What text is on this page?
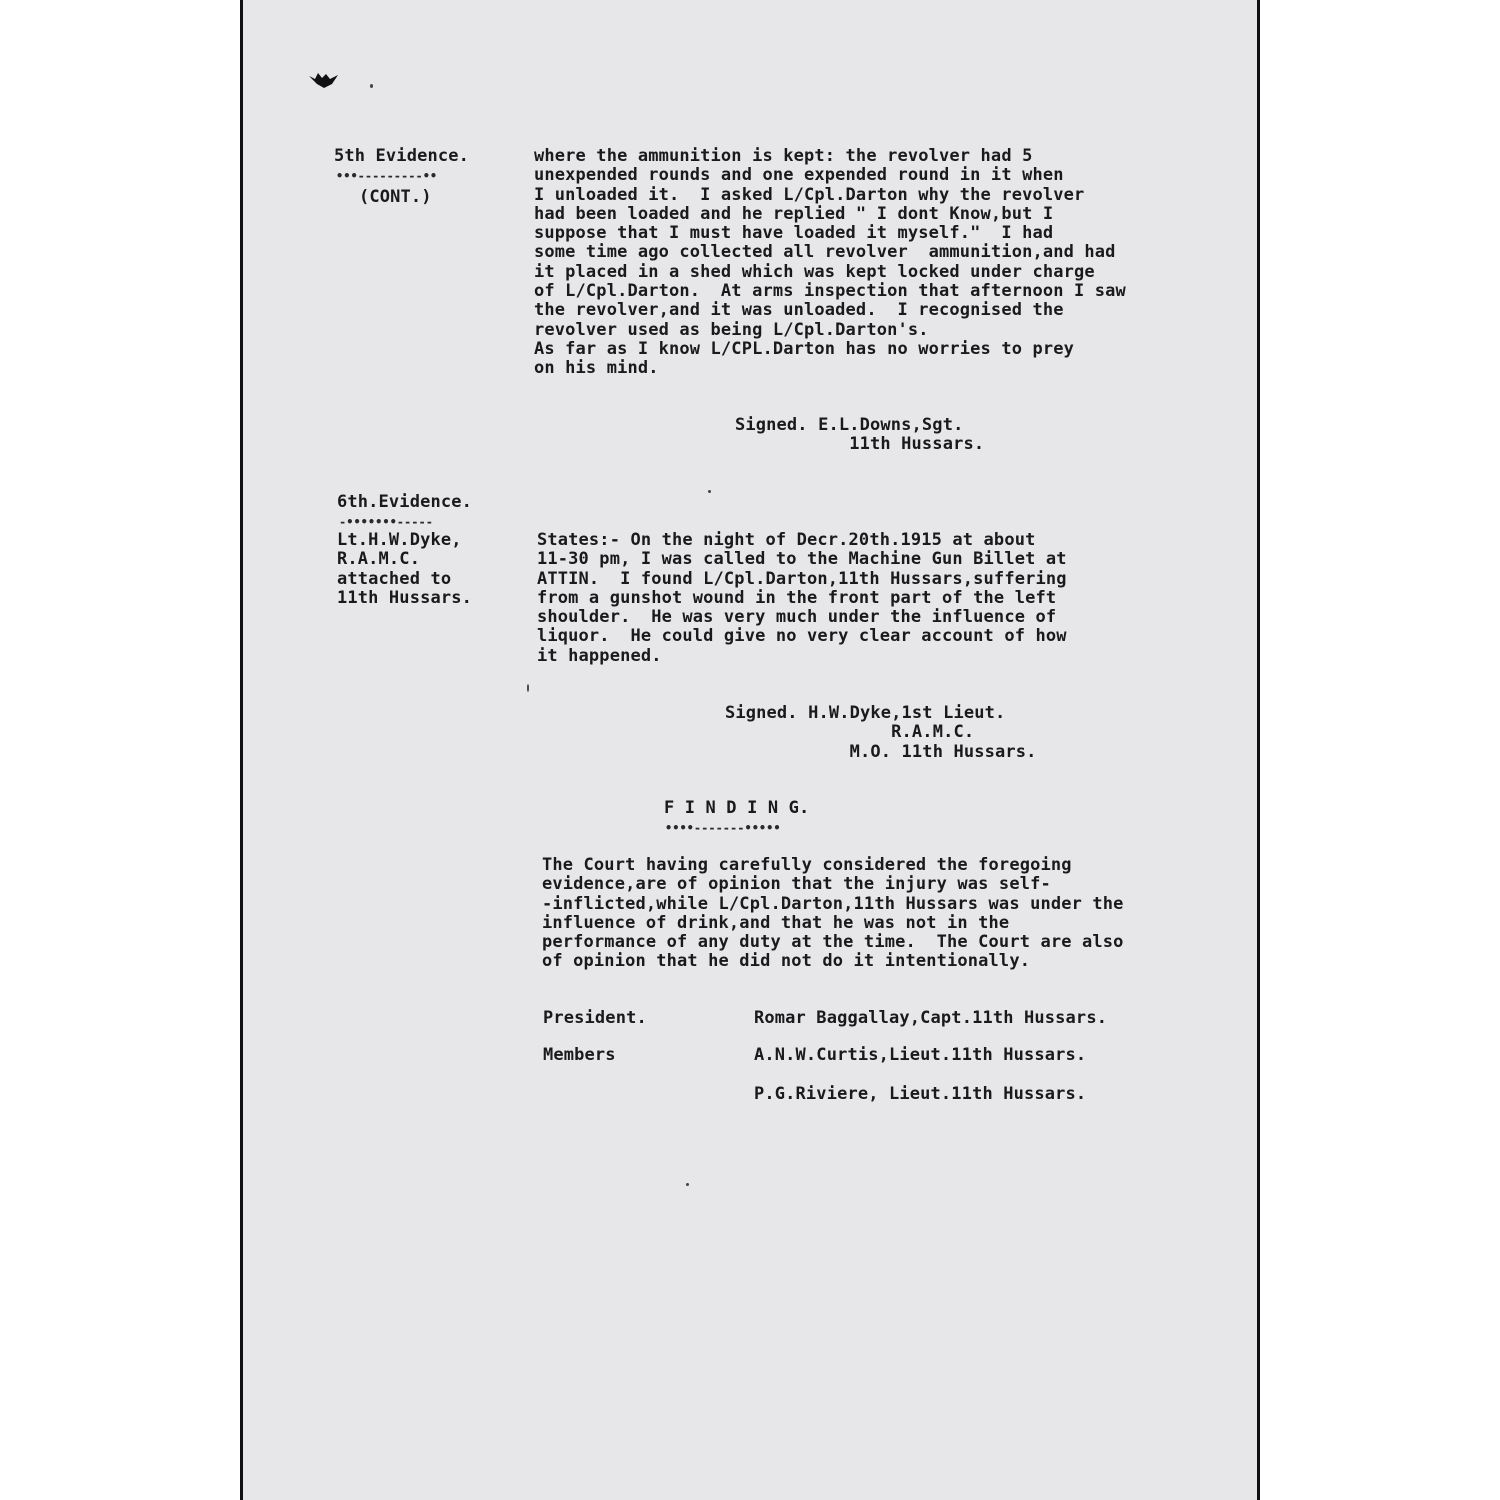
5th Evidence.

•••---------••

(CONT.)

where the ammunition is kept: the revolver had 5
unexpended rounds and one expended round in it when
I unloaded it.  I asked L/Cpl.Darton why the revolver
had been loaded and he replied " I dont Know,but I
suppose that I must have loaded it myself."  I had
some time ago collected all revolver  ammunition,and had
it placed in a shed which was kept locked under charge
of L/Cpl.Darton.  At arms inspection that afternoon I saw
the revolver,and it was unloaded.  I recognised the
revolver used as being L/Cpl.Darton's.
As far as I know L/CPL.Darton has no worries to prey
on his mind.

Signed. E.L.Downs,Sgt.
11th Hussars.

6th.Evidence.

-•••••••-----

Lt.H.W.Dyke,
R.A.M.C.
attached to
11th Hussars.

States:- On the night of Decr.20th.1915 at about
11-30 pm, I was called to the Machine Gun Billet at
ATTIN.  I found L/Cpl.Darton,11th Hussars,suffering
from a gunshot wound in the front part of the left
shoulder.  He was very much under the influence of
liquor.  He could give no very clear account of how
it happened.

Signed. H.W.Dyke,1st Lieut.
R.A.M.C.
M.O. 11th Hussars.

F I N D I N G.

••••-------•••••

The Court having carefully considered the foregoing
evidence,are of opinion that the injury was self-
-inflicted,while L/Cpl.Darton,11th Hussars was under the
influence of drink,and that he was not in the
performance of any duty at the time.  The Court are also
of opinion that he did not do it intentionally.

President.	Romar Baggallay,Capt.11th Hussars.

Members	A.N.W.Curtis,Lieut.11th Hussars.

P.G.Riviere, Lieut.11th Hussars.
